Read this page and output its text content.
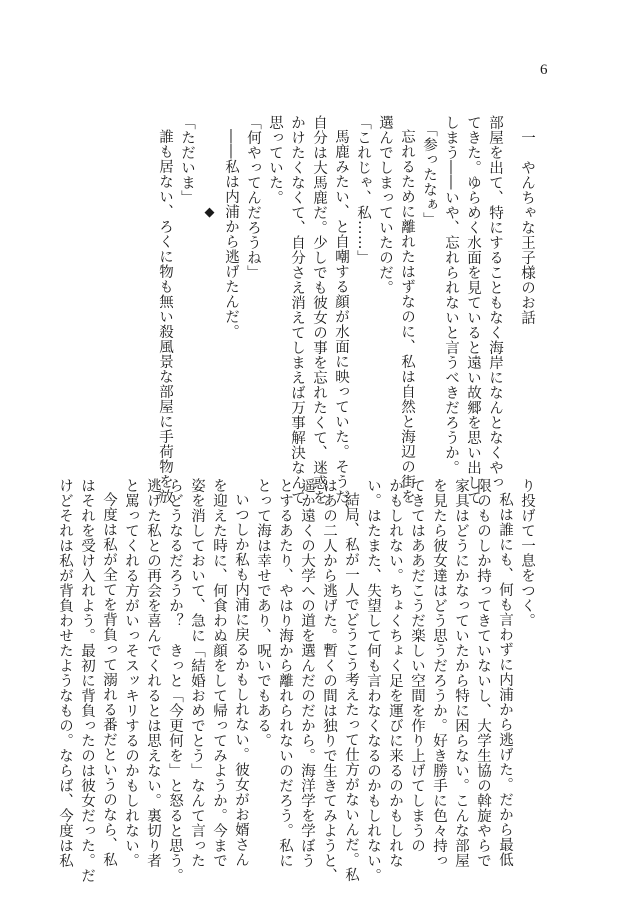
6
一　やんちゃな王子様のお話
部屋を出て、特にすることもなく海岸になんとなくやっ
てきた。ゆらめく水面を見ていると遠い故郷を思い出して
しまう――いや、忘れられないと言うべきだろうか。
「参ったなぁ」
忘れるために離れたはずなのに、私は自然と海辺の街を
選んでしまっていたのだ。
「これじゃ、私……」
馬鹿みたい、と自嘲する顔が水面に映っていた。そうだ、
自分は大馬鹿だ。少しでも彼女の事を忘れたくて、迷惑を
かけたくなくて、自分さえ消えてしまえば万事解決なんて
思っていた。
「何やってんだろうね」
――私は内浦から逃げたんだ。
◆
「ただいま」
誰も居ない、ろくに物も無い殺風景な部屋に手荷物を放
り投げて一息をつく。
私は誰にも、何も言わずに内浦から逃げた。だから最低
限のものしか持ってきていないし、大学生協の斡旋やらで
家具はどうにかなっていたから特に困らない。こんな部屋
を見たら彼女達はどう思うだろうか。好き勝手に色々持っ
てきてはああだこうだ楽しい空間を作り上げてしまうの
かもしれない。ちょくちょく足を運びに来るのかもしれな
い。はたまた、失望して何も言わなくなるのかもしれない。
結局、私が一人でどうこう考えたって仕方がないんだ。私
はあの二人から逃げた。暫くの間は独りで生きてみようと、
遥か遠くの大学への道を選んだのだから。海洋学を学ぼう
とするあたり、やはり海から離れられないのだろう。私に
とって海は幸せであり、呪いでもある。
いつしか私も内浦に戻るかもしれない。彼女がお婿さん
を迎えた時に、何食わぬ顔をして帰ってみようか。今まで
姿を消しておいて、急に「結婚おめでとう」なんて言った
らどうなるだろうか？　きっと「今更何を」と怒ると思う。
逃げた私との再会を喜んでくれるとは思えない。裏切り者
と罵ってくれる方がいっそスッキリするのかもしれない。
今度は私が全てを背負って溺れる番だというのなら、私
はそれを受け入れよう。最初に背負ったのは彼女だった。だ
けどそれは私が背負わせたようなもの。ならば、今度は私
